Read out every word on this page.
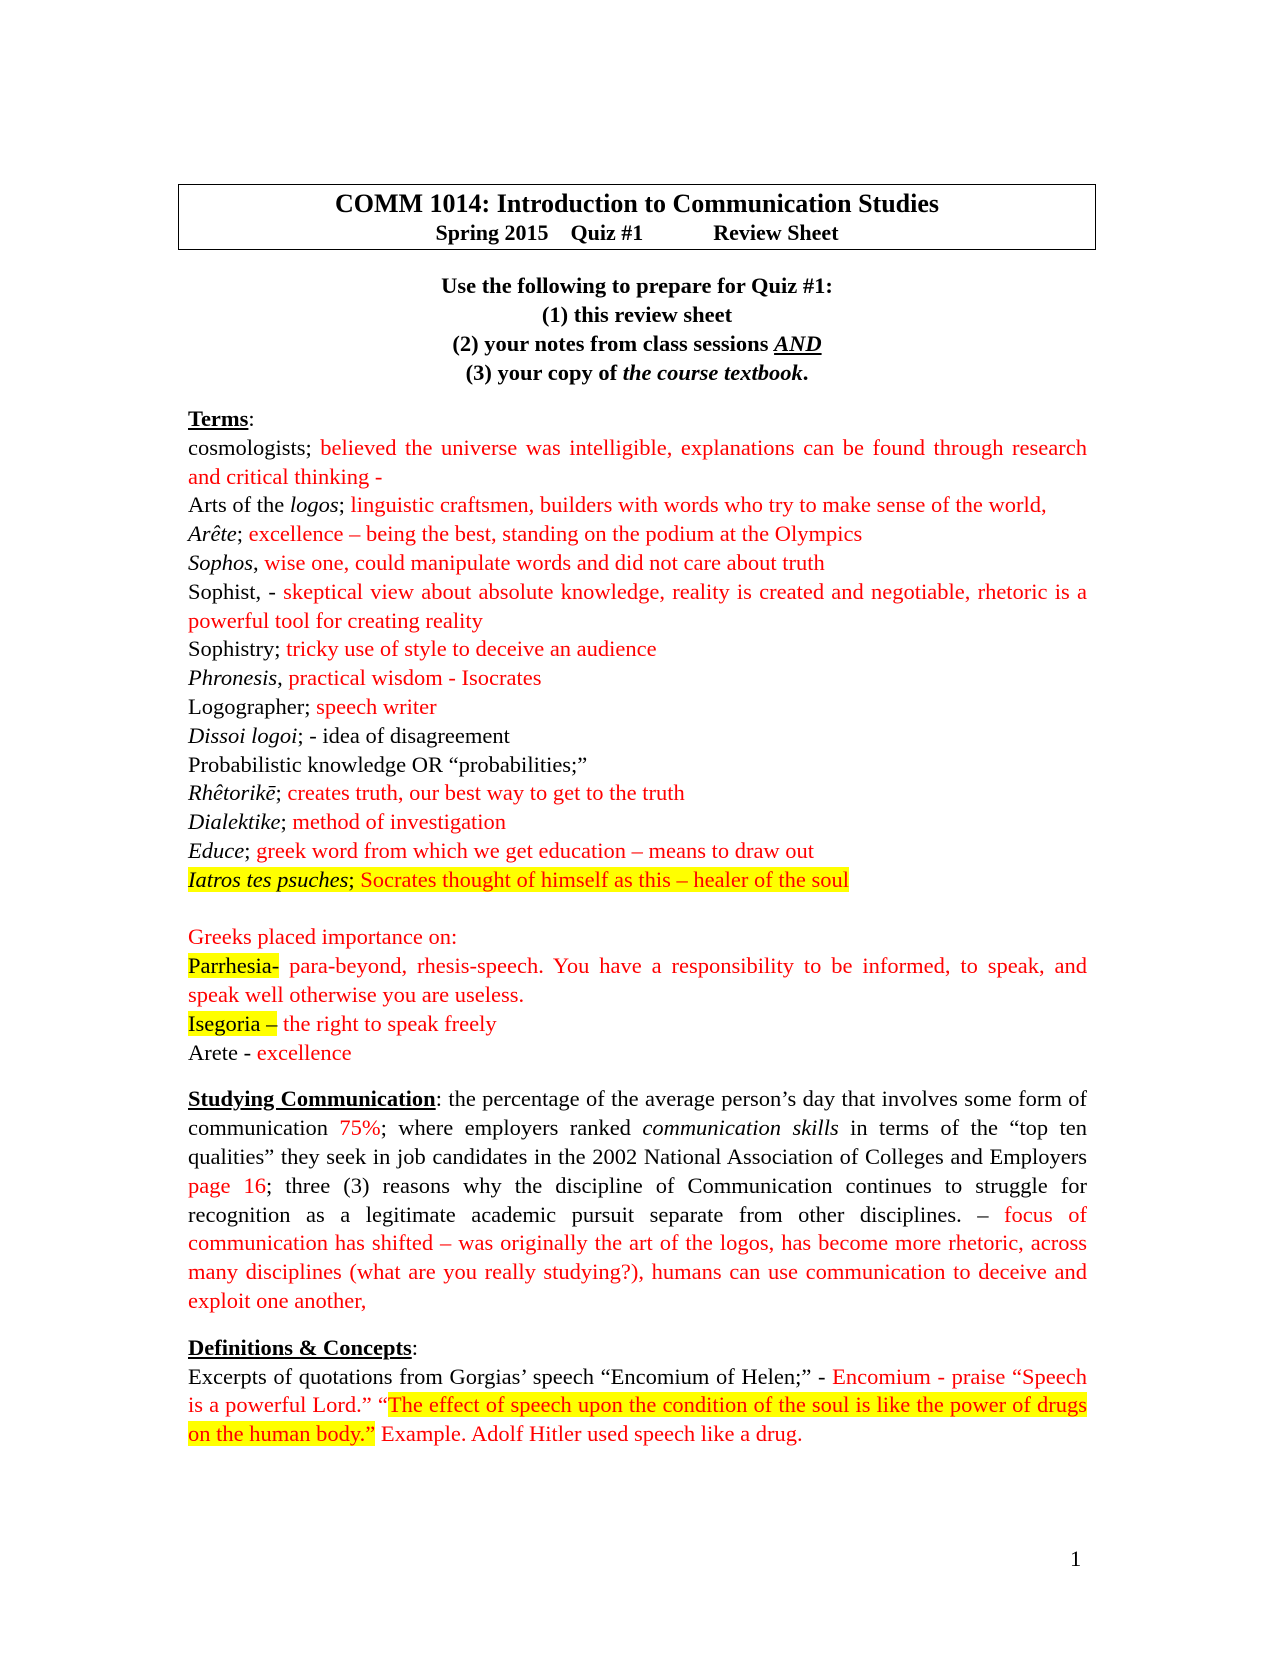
COMM 1014: Introduction to Communication Studies
Spring 2015 Quiz #1	Review Sheet
Use the following to prepare for Quiz #1:
(1) this review sheet
(2) your notes from class sessions AND
(3) your copy of the course textbook.
Terms:
cosmologists; believed the universe was intelligible, explanations can be found through research and critical thinking -
Arts of the logos; linguistic craftsmen, builders with words who try to make sense of the world,
Arête; excellence – being the best, standing on the podium at the Olympics
Sophos, wise one, could manipulate words and did not care about truth
Sophist, - skeptical view about absolute knowledge, reality is created and negotiable, rhetoric is a powerful tool for creating reality
Sophistry; tricky use of style to deceive an audience
Phronesis, practical wisdom - Isocrates
Logographer; speech writer
Dissoi logoi; - idea of disagreement
Probabilistic knowledge OR “probabilities;”
Rhêtorikē; creates truth, our best way to get to the truth
Dialektike; method of investigation
Educe; greek word from which we get education – means to draw out
Iatros tes psuches; Socrates thought of himself as this – healer of the soul
Greeks placed importance on:
Parrhesia- para-beyond, rhesis-speech. You have a responsibility to be informed, to speak, and speak well otherwise you are useless.
Isegoria – the right to speak freely
Arete - excellence
Studying Communication: the percentage of the average person’s day that involves some form of communication 75%; where employers ranked communication skills in terms of the “top ten qualities” they seek in job candidates in the 2002 National Association of Colleges and Employers page 16; three (3) reasons why the discipline of Communication continues to struggle for recognition as a legitimate academic pursuit separate from other disciplines. – focus of communication has shifted – was originally the art of the logos, has become more rhetoric, across many disciplines (what are you really studying?), humans can use communication to deceive and exploit one another,
Definitions & Concepts:
Excerpts of quotations from Gorgias’ speech “Encomium of Helen;” - Encomium - praise “Speech is a powerful Lord.” “The effect of speech upon the condition of the soul is like the power of drugs on the human body.” Example. Adolf Hitler used speech like a drug.
1
